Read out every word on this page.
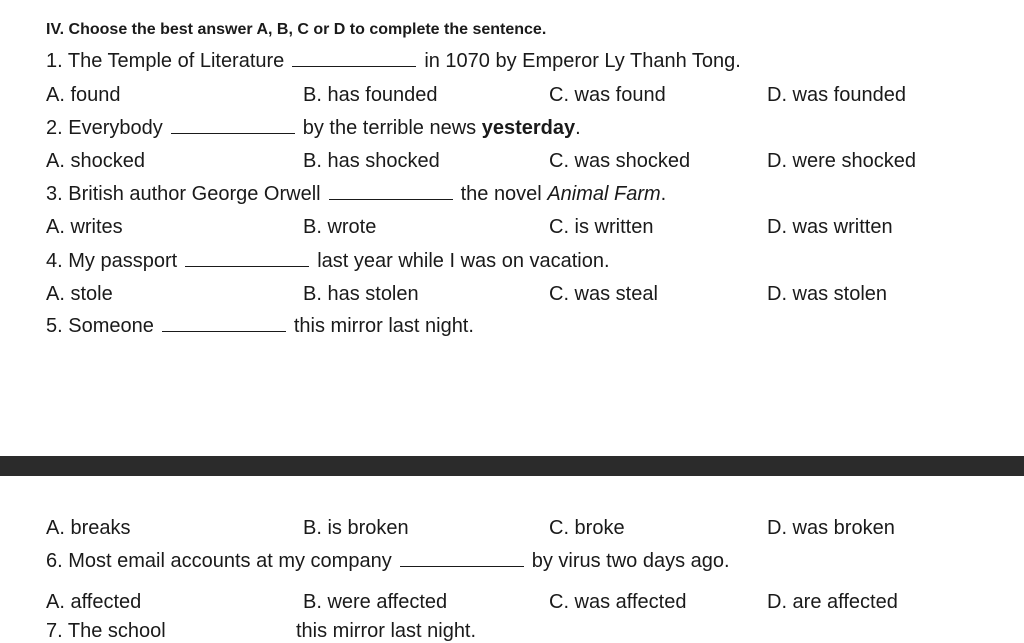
IV. Choose the best answer A, B, C or D to complete the sentence.
1. The Temple of Literature	in 1070 by Emperor Ly Thanh Tong.
A. found	B. has founded	C. was found	D. was founded
2. Everybody	by the terrible news yesterday.
A. shocked	B. has shocked	C. was shocked	D. were shocked
3. British author George Orwell	the novel Animal Farm.
A. writes	B. wrote	C. is written	D. was written
4. My passport	last year while I was on vacation.
A. stole	B. has stolen	C. was steal	D. was stolen
5. Someone	this mirror last night.
A. breaks	B. is broken	C. broke	D. was broken
6. Most email accounts at my company	by virus two days ago.
A. affected	B. were affected	C. was affected	D. are affected
7. The school	this mirror last night.
